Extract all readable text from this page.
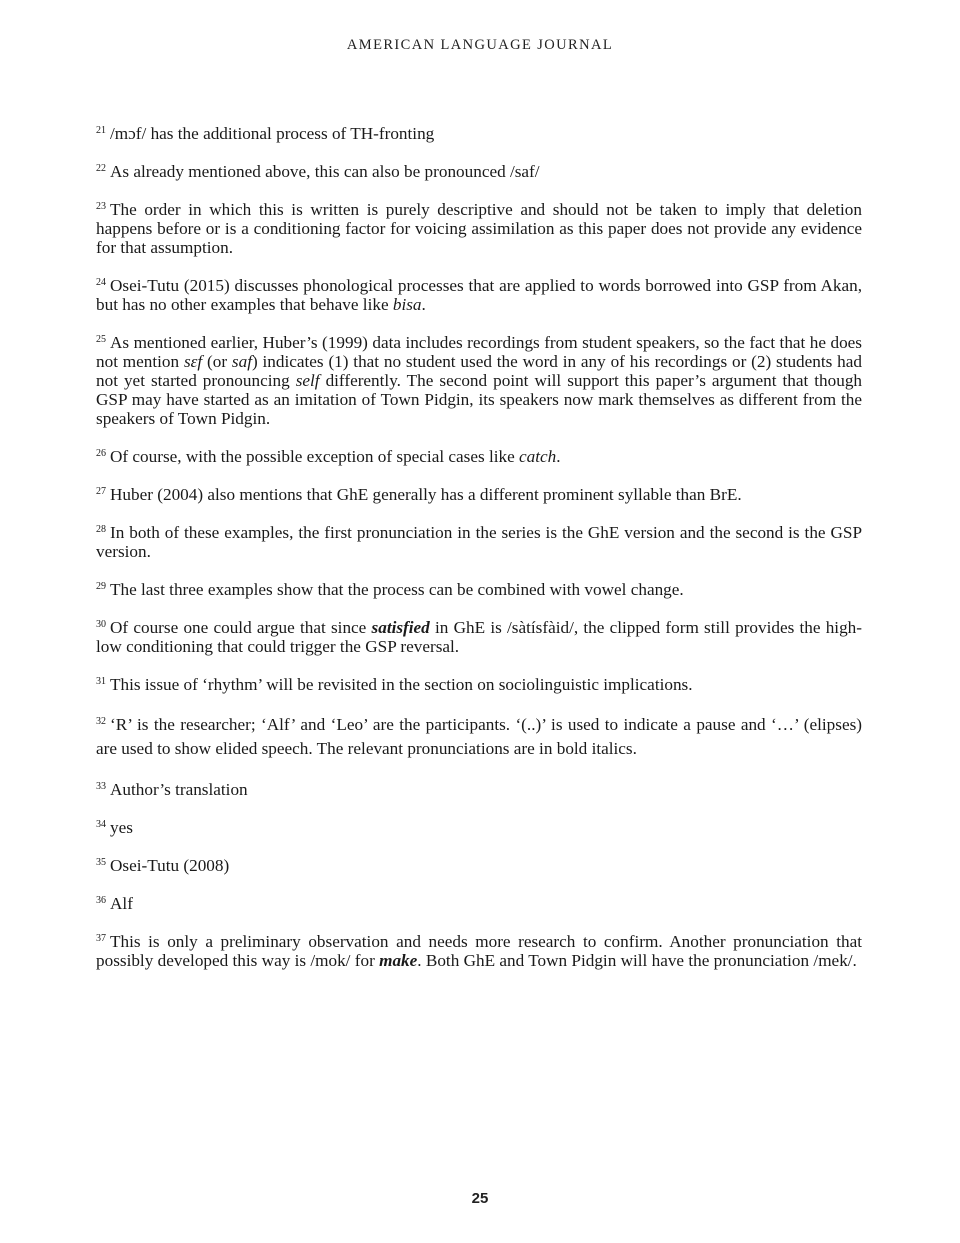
AMERICAN LANGUAGE JOURNAL

$^{21}$ /mɔf/ has the additional process of TH-fronting

$^{22}$ As already mentioned above, this can also be pronounced /saf/

$^{23}$ The order in which this is written is purely descriptive and should not be taken to imply that deletion happens before or is a conditioning factor for voicing assimilation as this paper does not provide any evidence for that assumption.

$^{24}$ Osei-Tutu (2015) discusses phonological processes that are applied to words borrowed into GSP from Akan, but has no other examples that behave like bisa.

$^{25}$ As mentioned earlier, Huber’s (1999) data includes recordings from student speakers, so the fact that he does not mention sɛf (or saf) indicates (1) that no student used the word in any of his recordings or (2) students had not yet started pronouncing self differently. The second point will support this paper’s argument that though GSP may have started as an imitation of Town Pidgin, its speakers now mark themselves as different from the speakers of Town Pidgin.

$^{26}$ Of course, with the possible exception of special cases like catch.

$^{27}$ Huber (2004) also mentions that GhE generally has a different prominent syllable than BrE.

$^{28}$ In both of these examples, the first pronunciation in the series is the GhE version and the second is the GSP version.

$^{29}$ The last three examples show that the process can be combined with vowel change.

$^{30}$ Of course one could argue that since satisfied in GhE is /sàtísfàid/, the clipped form still provides the high-low conditioning that could trigger the GSP reversal.

$^{31}$ This issue of ‘rhythm’ will be revisited in the section on sociolinguistic implications.

$^{32}$ ‘R’ is the researcher; ‘Alf’ and ‘Leo’ are the participants. ‘(..)’ is used to indicate a pause and ‘…’ (elipses) are used to show elided speech. The relevant pronunciations are in bold italics.

$^{33}$ Author’s translation

$^{34}$ yes

$^{35}$ Osei-Tutu (2008)

$^{36}$ Alf

$^{37}$ This is only a preliminary observation and needs more research to confirm. Another pronunciation that possibly developed this way is /mok/ for make. Both GhE and Town Pidgin will have the pronunciation /mek/.

25
